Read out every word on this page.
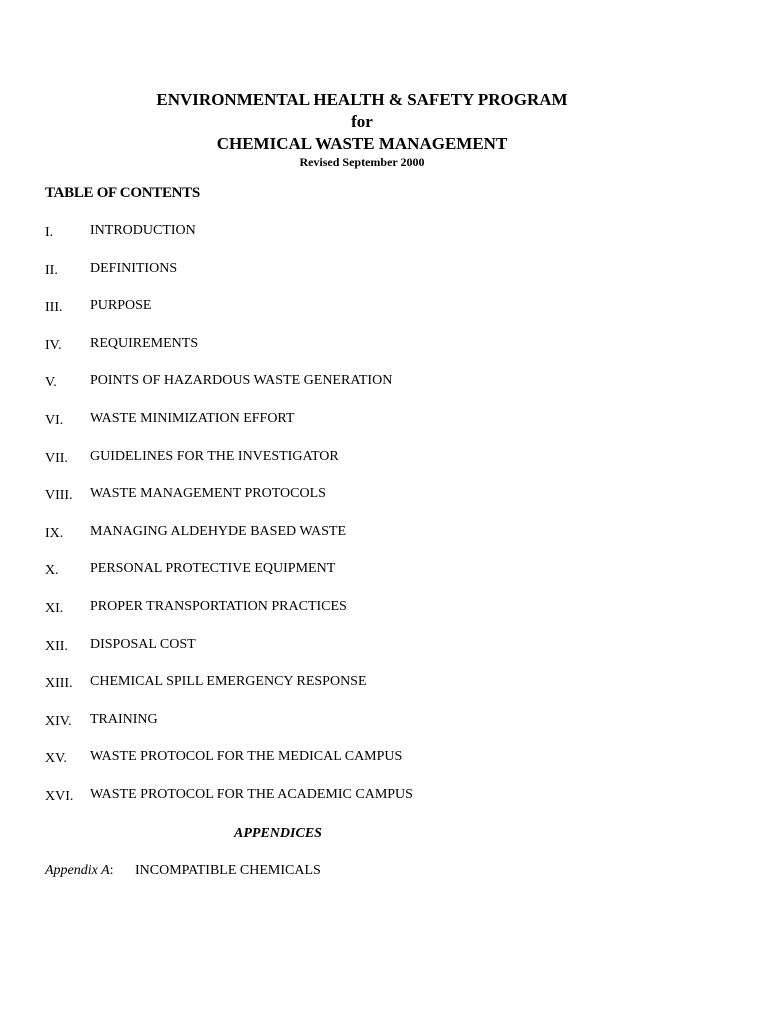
ENVIRONMENTAL HEALTH & SAFETY PROGRAM
for
CHEMICAL WASTE MANAGEMENT
Revised September 2000
TABLE OF CONTENTS
I.	INTRODUCTION
II. DEFINITIONS
III. PURPOSE
IV. REQUIREMENTS
V. POINTS OF HAZARDOUS WASTE GENERATION
VI. WASTE MINIMIZATION EFFORT
VII. GUIDELINES FOR THE INVESTIGATOR
VIII. WASTE MANAGEMENT PROTOCOLS
IX. MANAGING ALDEHYDE BASED WASTE
X. PERSONAL PROTECTIVE EQUIPMENT
XI. PROPER TRANSPORTATION PRACTICES
XII. DISPOSAL COST
XIII. CHEMICAL SPILL EMERGENCY RESPONSE
XIV. TRAINING
XV. WASTE PROTOCOL FOR THE MEDICAL CAMPUS
XVI. WASTE PROTOCOL FOR THE ACADEMIC CAMPUS
APPENDICES
Appendix A: INCOMPATIBLE CHEMICALS
